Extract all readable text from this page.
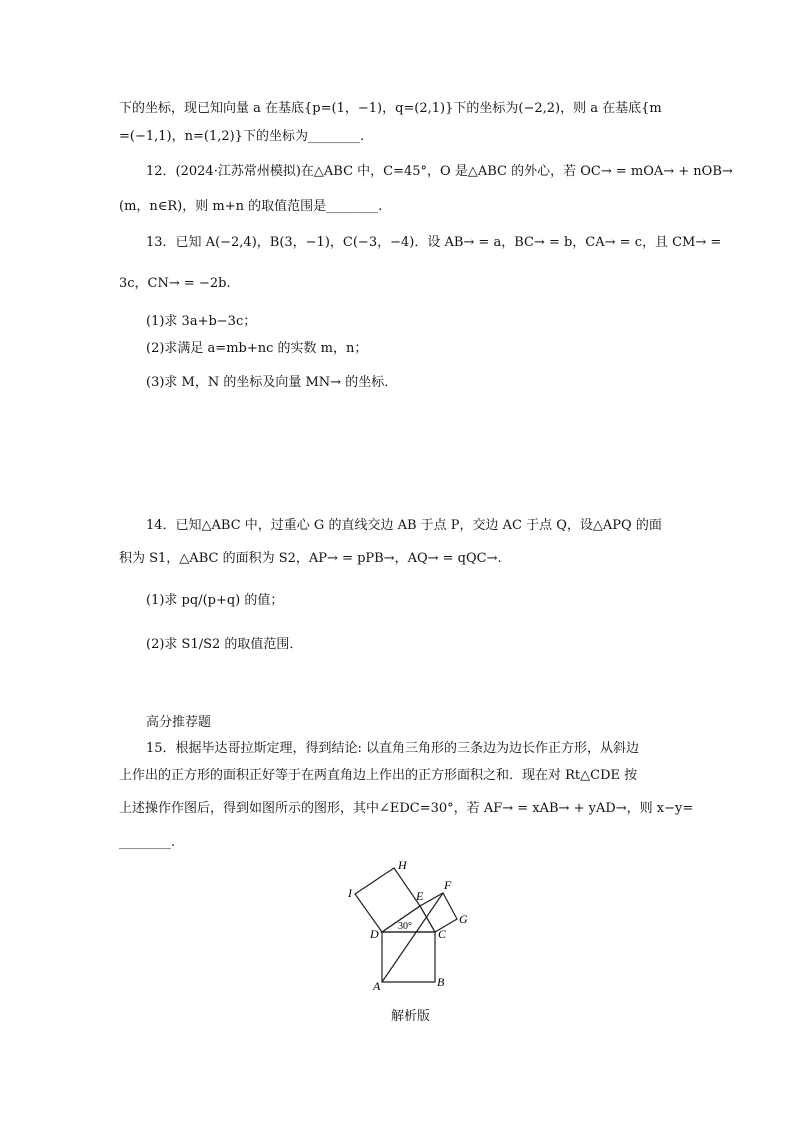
下的坐标，现已知向量 a 在基底{p=(1，−1)，q=(2,1)}下的坐标为(−2,2)，则 a 在基底{m
=(−1,1)，n=(1,2)}下的坐标为________.
12．(2024·江苏常州模拟)在△ABC 中，C=45°，O 是△ABC 的外心，若 OC→ = mOA→ + nOB→
(m，n∈R)，则 m+n 的取值范围是________.
13．已知 A(−2,4)，B(3，−1)，C(−3，−4)．设 AB→ = a，BC→ = b，CA→ = c，且 CM→ =
3c，CN→ = −2b.
(1)求 3a+b−3c；
(2)求满足 a=mb+nc 的实数 m，n；
(3)求 M，N 的坐标及向量 MN→ 的坐标．
14．已知△ABC 中，过重心 G 的直线交边 AB 于点 P，交边 AC 于点 Q，设△APQ 的面
积为 S1，△ABC 的面积为 S2，AP→ = pPB→，AQ→ = qQC→.
(1)求 pq/(p+q) 的值；
(2)求 S1/S2 的取值范围．
高分推荐题
15．根据毕达哥拉斯定理，得到结论: 以直角三角形的三条边为边长作正方形，从斜边
上作出的正方形的面积正好等于在两直角边上作出的正方形面积之和．现在对 Rt△CDE 按
上述操作作图后，得到如图所示的图形，其中∠EDC=30°，若 AF→ = xAB→ + yAD→，则 x−y=
________.
H
I	E
F
G
D	C
A	B
30°
解析版
